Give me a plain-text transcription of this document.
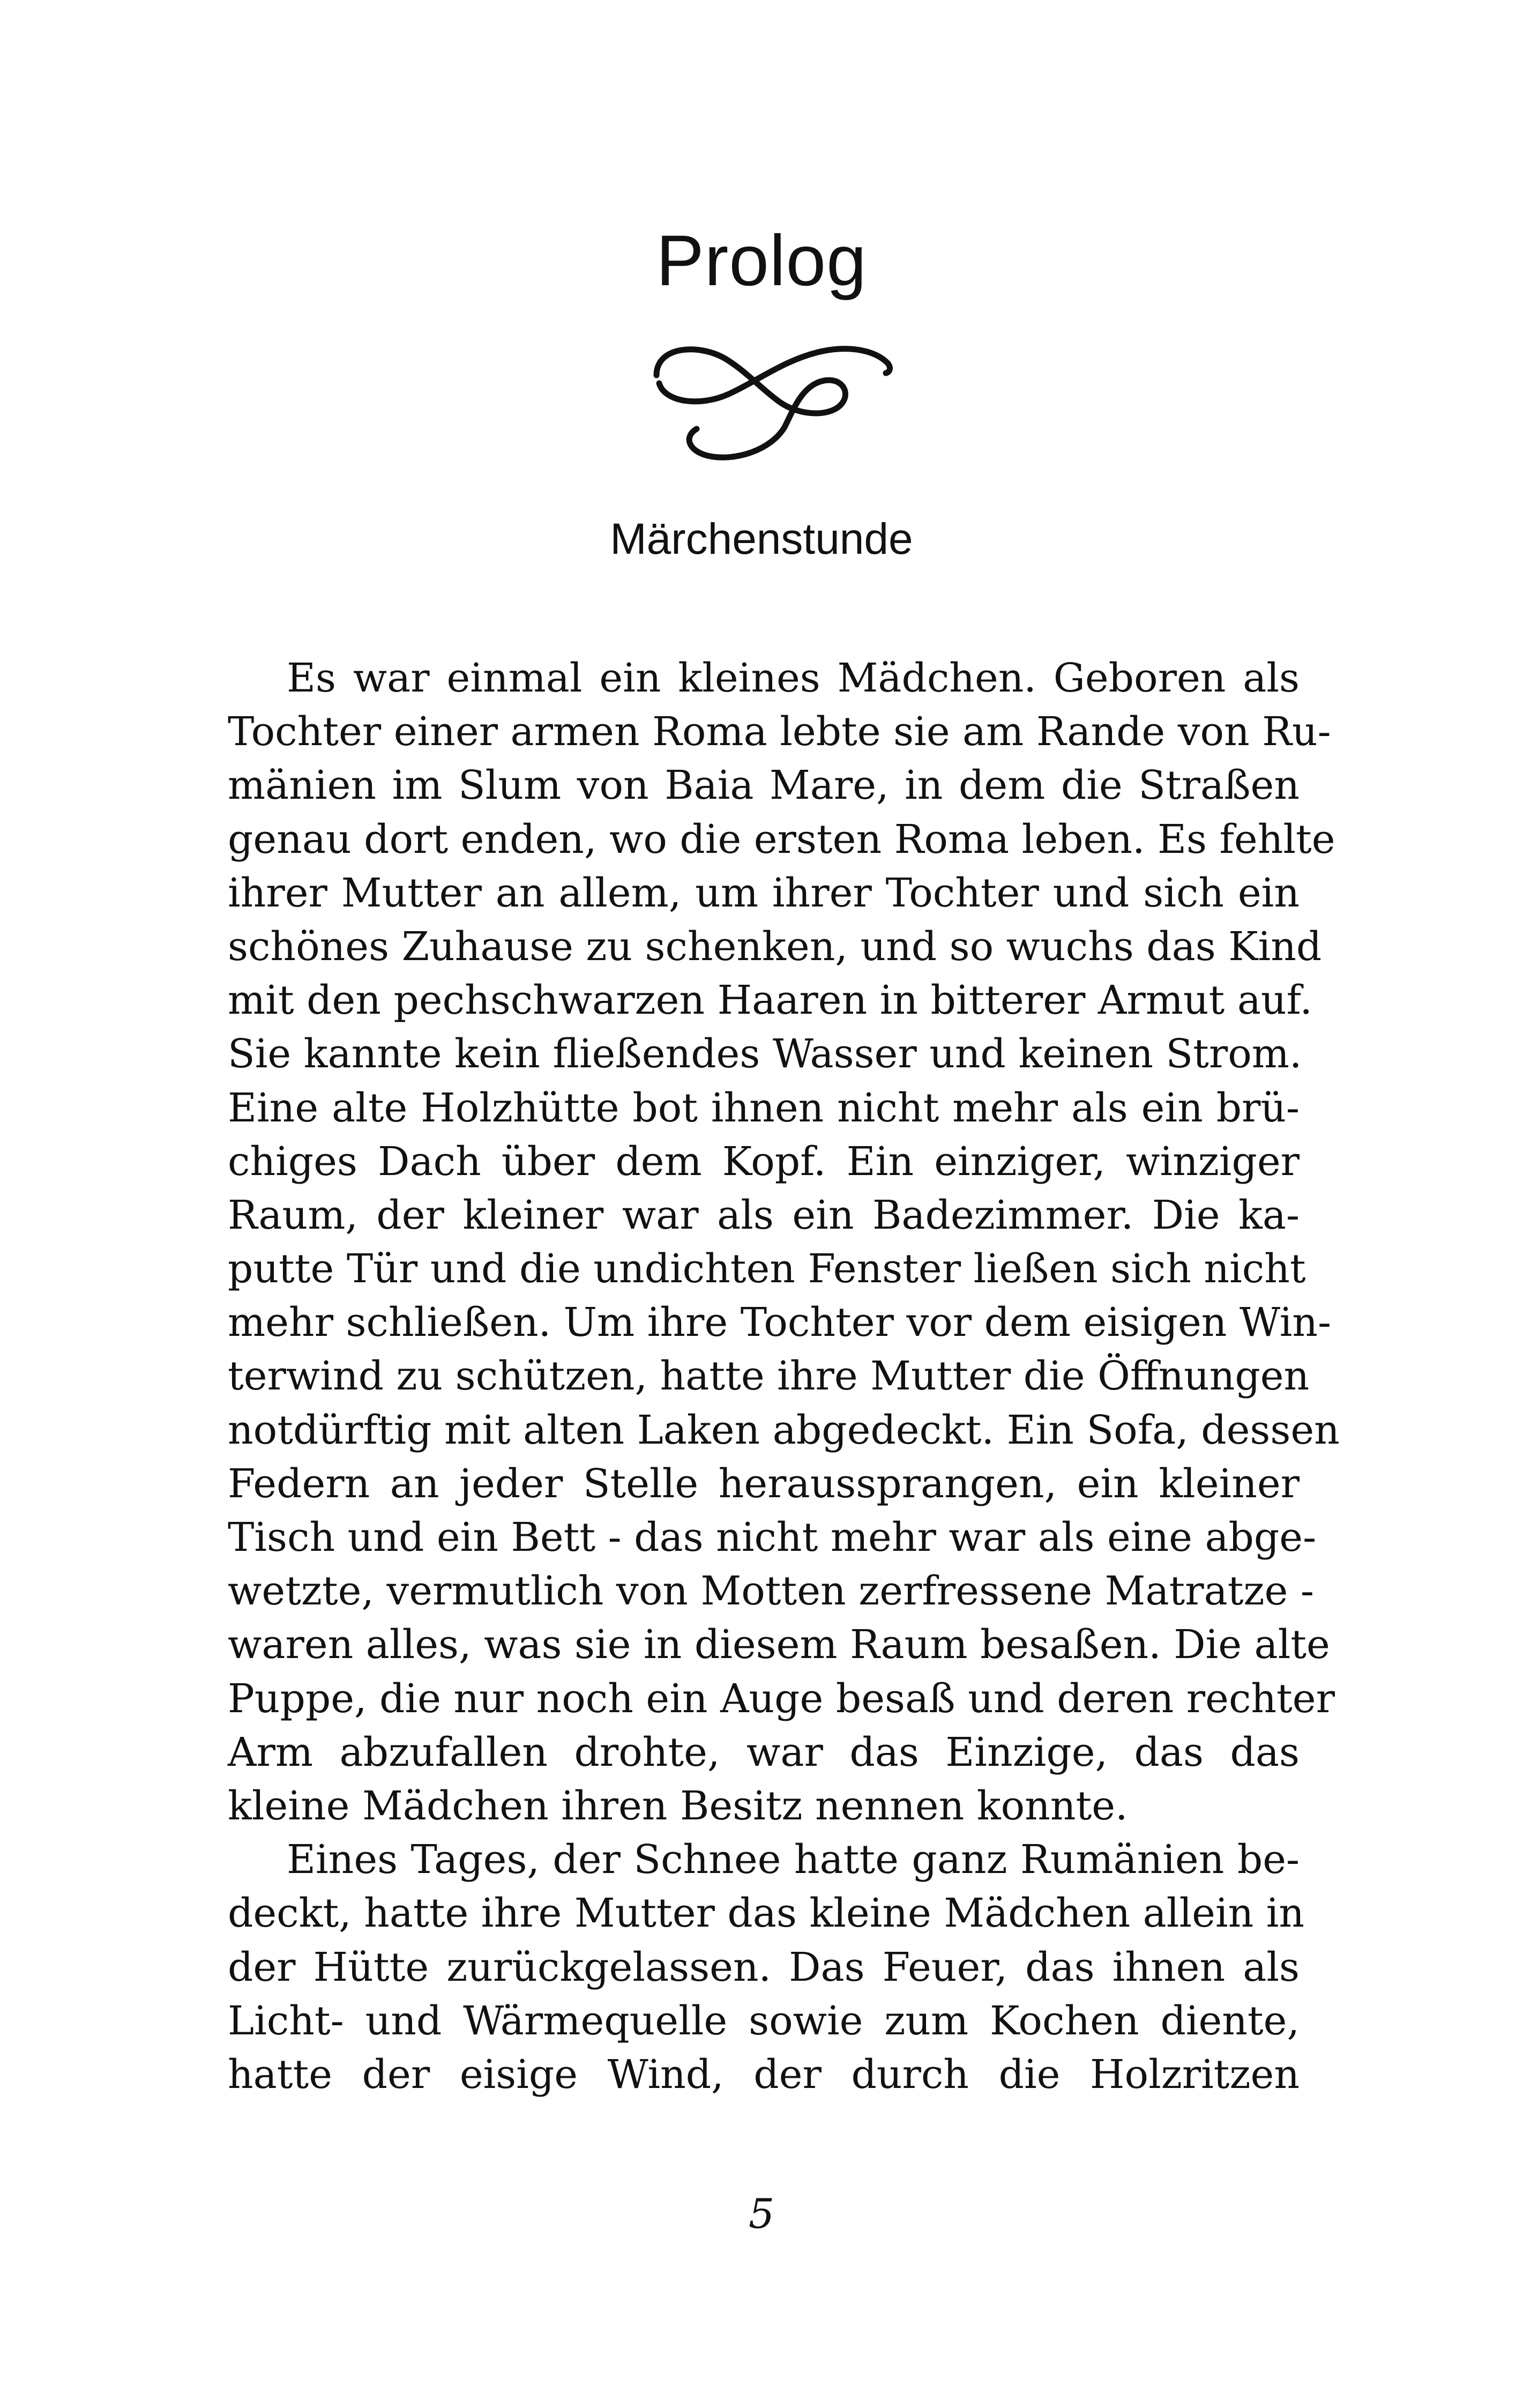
Prolog
Märchenstunde
Es war einmal ein kleines Mädchen. Geboren als
Tochter einer armen Roma lebte sie am Rande von Ru-
mänien im Slum von Baia Mare, in dem die Straßen
genau dort enden, wo die ersten Roma leben. Es fehlte
ihrer Mutter an allem, um ihrer Tochter und sich ein
schönes Zuhause zu schenken, und so wuchs das Kind
mit den pechschwarzen Haaren in bitterer Armut auf.
Sie kannte kein fließendes Wasser und keinen Strom.
Eine alte Holzhütte bot ihnen nicht mehr als ein brü-
chiges Dach über dem Kopf. Ein einziger, winziger
Raum, der kleiner war als ein Badezimmer. Die ka-
putte Tür und die undichten Fenster ließen sich nicht
mehr schließen. Um ihre Tochter vor dem eisigen Win-
terwind zu schützen, hatte ihre Mutter die Öffnungen
notdürftig mit alten Laken abgedeckt. Ein Sofa, dessen
Federn an jeder Stelle heraussprangen, ein kleiner
Tisch und ein Bett - das nicht mehr war als eine abge-
wetzte, vermutlich von Motten zerfressene Matratze -
waren alles, was sie in diesem Raum besaßen. Die alte
Puppe, die nur noch ein Auge besaß und deren rechter
Arm abzufallen drohte, war das Einzige, das das
kleine Mädchen ihren Besitz nennen konnte.
Eines Tages, der Schnee hatte ganz Rumänien be-
deckt, hatte ihre Mutter das kleine Mädchen allein in
der Hütte zurückgelassen. Das Feuer, das ihnen als
Licht- und Wärmequelle sowie zum Kochen diente,
hatte der eisige Wind, der durch die Holzritzen
5
